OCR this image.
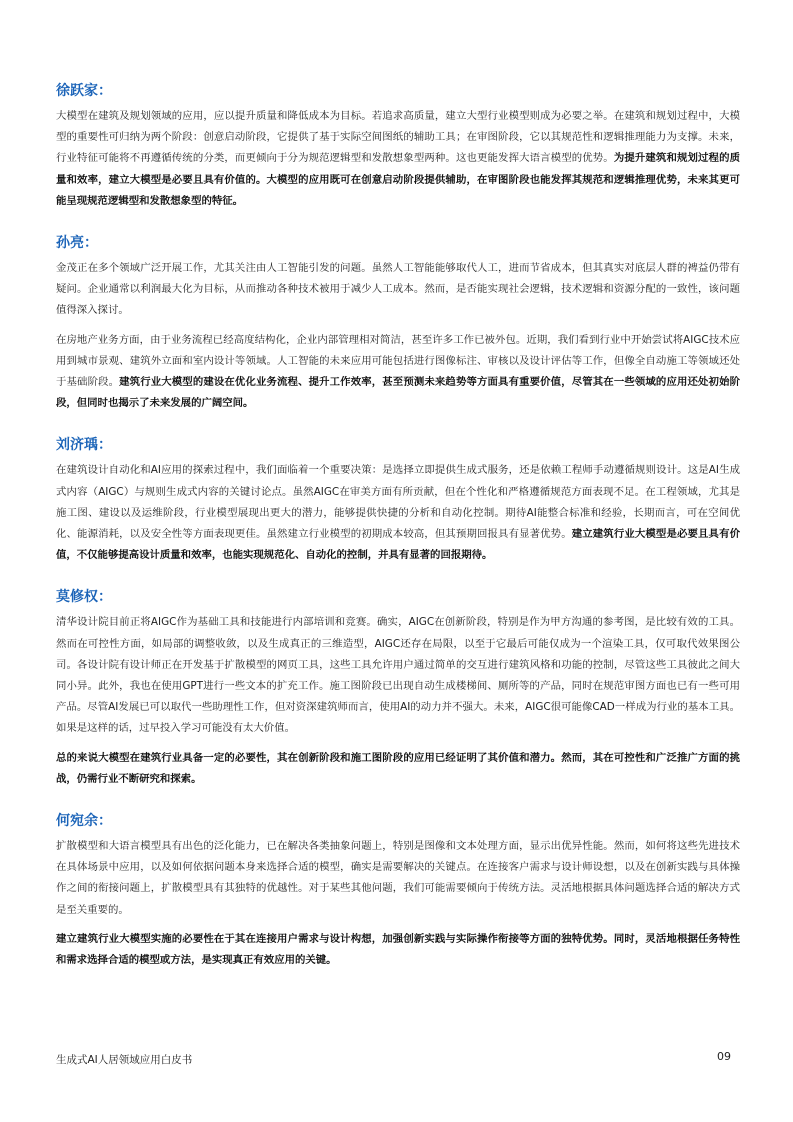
徐跃家：

大模型在建筑及规划领域的应用，应以提升质量和降低成本为目标。若追求高质量，建立大型行业模型则成为必要之举。在建筑和规划过程中，大模型的重要性可归纳为两个阶段：创意启动阶段，它提供了基于实际空间图纸的辅助工具；在审图阶段，它以其规范性和逻辑推理能力为支撑。未来，行业特征可能将不再遵循传统的分类，而更倾向于分为规范逻辑型和发散想象型两种。这也更能发挥大语言模型的优势。为提升建筑和规划过程的质量和效率，建立大模型是必要且具有价值的。大模型的应用既可在创意启动阶段提供辅助，在审图阶段也能发挥其规范和逻辑推理优势，未来其更可能呈现规范逻辑型和发散想象型的特征。

孙亮：

金茂正在多个领域广泛开展工作，尤其关注由人工智能引发的问题。虽然人工智能能够取代人工，进而节省成本，但其真实对底层人群的裨益仍带有疑问。企业通常以利润最大化为目标，从而推动各种技术被用于减少人工成本。然而，是否能实现社会逻辑，技术逻辑和资源分配的一致性，该问题值得深入探讨。

在房地产业务方面，由于业务流程已经高度结构化，企业内部管理相对简洁，甚至许多工作已被外包。近期，我们看到行业中开始尝试将AIGC技术应用到城市景观、建筑外立面和室内设计等领域。人工智能的未来应用可能包括进行图像标注、审核以及设计评估等工作，但像全自动施工等领域还处于基础阶段。建筑行业大模型的建设在优化业务流程、提升工作效率，甚至预测未来趋势等方面具有重要价值，尽管其在一些领域的应用还处初始阶段，但同时也揭示了未来发展的广阔空间。

刘济瑀：

在建筑设计自动化和AI应用的探索过程中，我们面临着一个重要决策：是选择立即提供生成式服务，还是依赖工程师手动遵循规则设计。这是AI生成式内容（AIGC）与规则生成式内容的关键讨论点。虽然AIGC在审美方面有所贡献，但在个性化和严格遵循规范方面表现不足。在工程领域，尤其是施工图、建设以及运维阶段，行业模型展现出更大的潜力，能够提供快捷的分析和自动化控制。期待AI能整合标准和经验，长期而言，可在空间优化、能源消耗，以及安全性等方面表现更佳。虽然建立行业模型的初期成本较高，但其预期回报具有显著优势。建立建筑行业大模型是必要且具有价值，不仅能够提高设计质量和效率，也能实现规范化、自动化的控制，并具有显著的回报期待。

莫修权：

清华设计院目前正将AIGC作为基础工具和技能进行内部培训和竞赛。确实，AIGC在创新阶段，特别是作为甲方沟通的参考图，是比较有效的工具。然而在可控性方面，如局部的调整收敛，以及生成真正的三维造型，AIGC还存在局限，以至于它最后可能仅成为一个渲染工具，仅可取代效果图公司。各设计院有设计师正在开发基于扩散模型的网页工具，这些工具允许用户通过简单的交互进行建筑风格和功能的控制，尽管这些工具彼此之间大同小异。此外，我也在使用GPT进行一些文本的扩充工作。施工图阶段已出现自动生成楼梯间、厕所等的产品，同时在规范审图方面也已有一些可用产品。尽管AI发展已可以取代一些助理性工作，但对资深建筑师而言，使用AI的动力并不强大。未来，AIGC很可能像CAD一样成为行业的基本工具。如果是这样的话，过早投入学习可能没有太大价值。

总的来说大模型在建筑行业具备一定的必要性，其在创新阶段和施工图阶段的应用已经证明了其价值和潜力。然而，其在可控性和广泛推广方面的挑战，仍需行业不断研究和探索。

何宛余：

扩散模型和大语言模型具有出色的泛化能力，已在解决各类抽象问题上，特别是图像和文本处理方面，显示出优异性能。然而，如何将这些先进技术在具体场景中应用，以及如何依据问题本身来选择合适的模型，确实是需要解决的关键点。在连接客户需求与设计师设想，以及在创新实践与具体操作之间的衔接问题上，扩散模型具有其独特的优越性。对于某些其他问题，我们可能需要倾向于传统方法。灵活地根据具体问题选择合适的解决方式是至关重要的。

建立建筑行业大模型实施的必要性在于其在连接用户需求与设计构想，加强创新实践与实际操作衔接等方面的独特优势。同时，灵活地根据任务特性和需求选择合适的模型或方法，是实现真正有效应用的关键。

生成式AI人居领域应用白皮书	09
